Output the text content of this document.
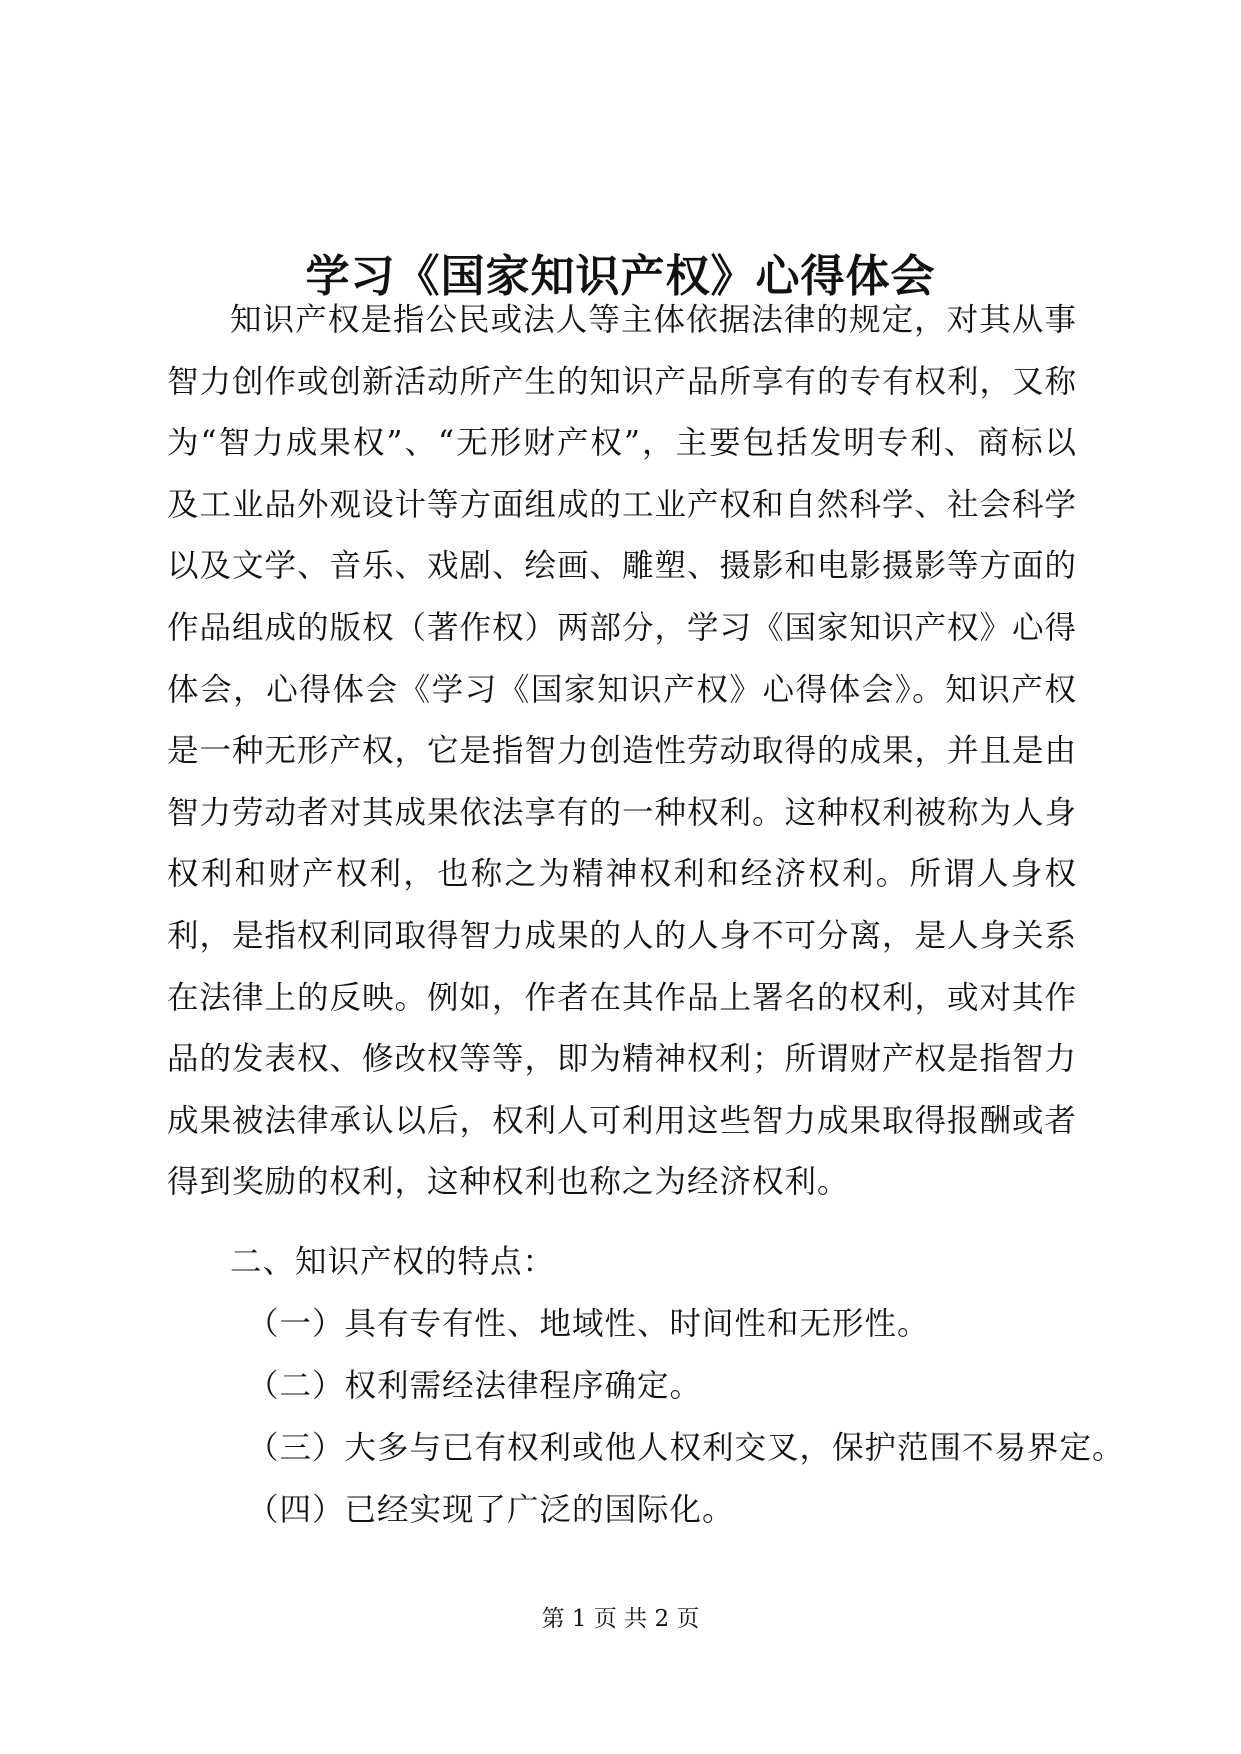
学习《国家知识产权》心得体会

知识产权是指公民或法人等主体依据法律的规定，对其从事智力创作或创新活动所产生的知识产品所享有的专有权利，又称为“智力成果权”、“无形财产权”，主要包括发明专利、商标以及工业品外观设计等方面组成的工业产权和自然科学、社会科学以及文学、音乐、戏剧、绘画、雕塑、摄影和电影摄影等方面的作品组成的版权（著作权）两部分，学习《国家知识产权》心得体会，心得体会《学习《国家知识产权》心得体会》。知识产权是一种无形产权，它是指智力创造性劳动取得的成果，并且是由智力劳动者对其成果依法享有的一种权利。这种权利被称为人身权利和财产权利，也称之为精神权利和经济权利。所谓人身权利，是指权利同取得智力成果的人的人身不可分离，是人身关系在法律上的反映。例如，作者在其作品上署名的权利，或对其作品的发表权、修改权等等，即为精神权利；所谓财产权是指智力成果被法律承认以后，权利人可利用这些智力成果取得报酬或者得到奖励的权利，这种权利也称之为经济权利。

二、知识产权的特点：
（一）具有专有性、地域性、时间性和无形性。
（二）权利需经法律程序确定。
（三）大多与已有权利或他人权利交叉，保护范围不易界定。
（四）已经实现了广泛的国际化。
第 1 页 共 2 页
